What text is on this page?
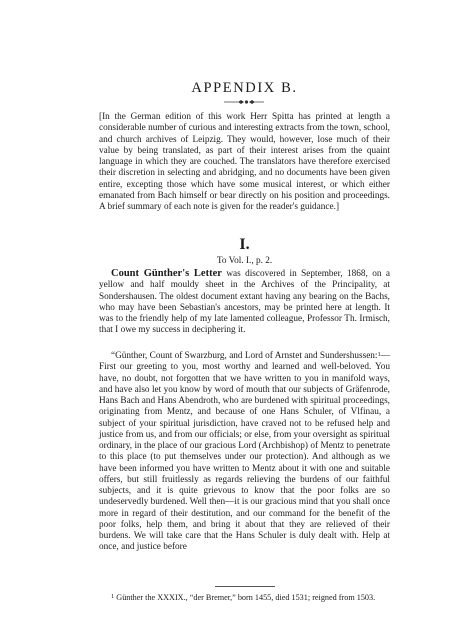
APPENDIX B.

[In the German edition of this work Herr Spitta has printed at length a considerable number of curious and interesting extracts from the town, school, and church archives of Leipzig. They would, however, lose much of their value by being translated, as part of their interest arises from the quaint language in which they are couched. The translators have therefore exercised their discretion in selecting and abridging, and no documents have been given entire, excepting those which have some musical interest, or which either emanated from Bach himself or bear directly on his position and proceedings. A brief summary of each note is given for the reader's guidance.]

I.

To Vol. I., p. 2.

Count Günther's Letter was discovered in September, 1868, on a yellow and half mouldy sheet in the Archives of the Principality, at Sondershausen. The oldest document extant having any bearing on the Bachs, who may have been Sebastian's ancestors, may be printed here at length. It was to the friendly help of my late lamented colleague, Professor Th. Irmisch, that I owe my success in deciphering it.

“Günther, Count of Swarzburg, and Lord of Arnstet and Sundershussen:$^1$—First our greeting to you, most worthy and learned and well-beloved. You have, no doubt, not forgotten that we have written to you in manifold ways, and have also let you know by word of mouth that our subjects of Gräfenrode, Hans Bach and Hans Abendroth, who are burdened with spiritual proceedings, originating from Mentz, and because of one Hans Schuler, of Vlfinau, a subject of your spiritual jurisdiction, have craved not to be refused help and justice from us, and from our officials; or else, from your oversight as spiritual ordinary, in the place of our gracious Lord (Archbishop) of Mentz to penetrate to this place (to put themselves under our protection). And although as we have been informed you have written to Mentz about it with one and suitable offers, but still fruitlessly as regards relieving the burdens of our faithful subjects, and it is quite grievous to know that the poor folks are so undeservedly burdened. Well then—it is our gracious mind that you shall once more in regard of their destitution, and our command for the benefit of the poor folks, help them, and bring it about that they are relieved of their burdens. We will take care that the Hans Schuler is duly dealt with. Help at once, and justice before

$^1$ Günther the XXXIX., “der Bremer,” born 1455, died 1531; reigned from 1503.
